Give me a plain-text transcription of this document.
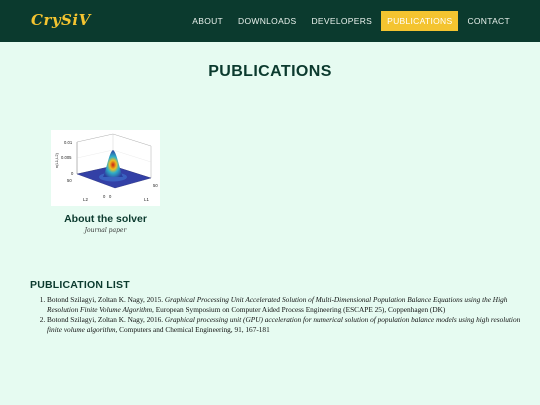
CrySiV	ABOUT	DOWNLOADS	DEVELOPERS	PUBLICATIONS	CONTACT
PUBLICATIONS
0.01
0.005
0
n(L1,L2)
50
50
0 0
L2	L1
About the solver
Journal paper
PUBLICATION LIST
1. Botond Szilagyi, Zoltan K. Nagy, 2015. Graphical Processing Unit Accelerated Solution of Multi-Dimensional Population Balance Equations using the High Resolution Finite Volume Algorithm, European Symposium on Computer Aided Process Engineering (ESCAPE 25), Coppenhagen (DK)
2. Botond Szilagyi, Zoltan K. Nagy, 2016. Graphical processing unit (GPU) acceleration for numerical solution of population balance models using high resolution finite volume algorithm, Computers and Chemical Engineering, 91, 167-181
